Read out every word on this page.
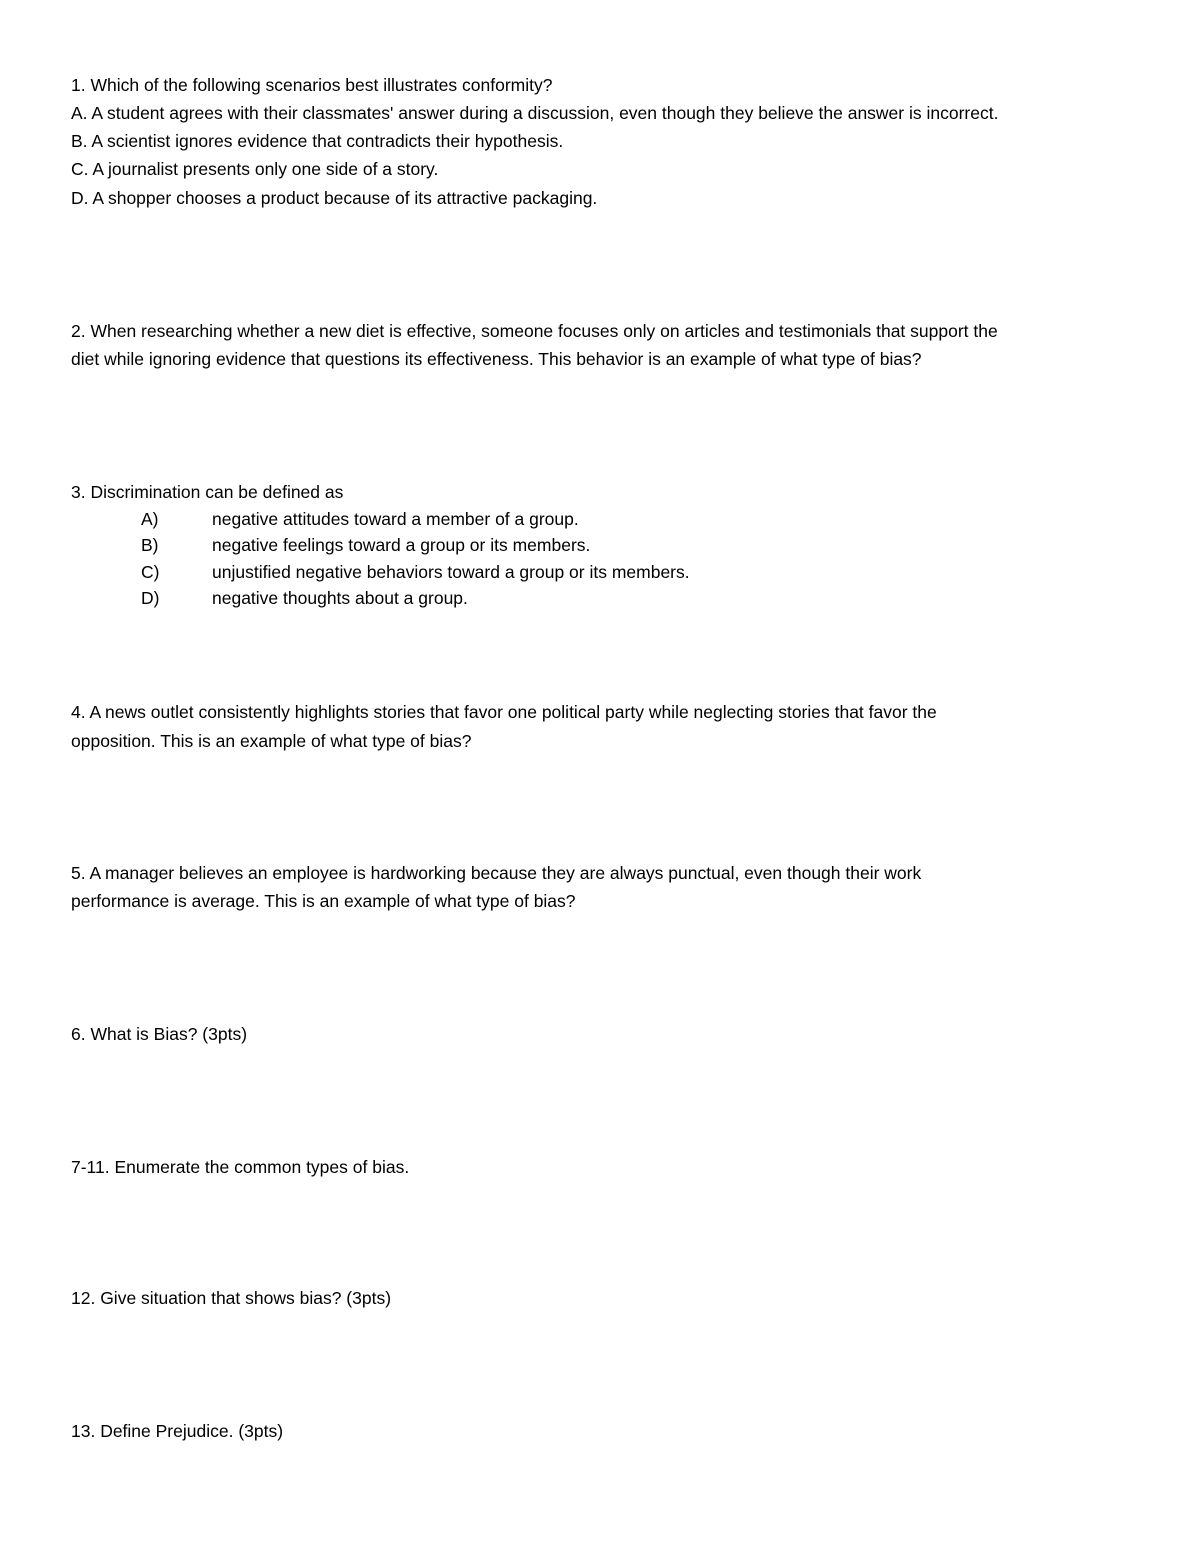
1. Which of the following scenarios best illustrates conformity?
A. A student agrees with their classmates' answer during a discussion, even though they believe the answer is incorrect.
B. A scientist ignores evidence that contradicts their hypothesis.
C. A journalist presents only one side of a story.
D. A shopper chooses a product because of its attractive packaging.
2. When researching whether a new diet is effective, someone focuses only on articles and testimonials that support the
diet while ignoring evidence that questions its effectiveness. This behavior is an example of what type of bias?
3. Discrimination can be defined as
A)	negative attitudes toward a member of a group.
B)	negative feelings toward a group or its members.
C)	unjustified negative behaviors toward a group or its members.
D)	negative thoughts about a group.
4. A news outlet consistently highlights stories that favor one political party while neglecting stories that favor the
opposition. This is an example of what type of bias?
5. A manager believes an employee is hardworking because they are always punctual, even though their work
performance is average. This is an example of what type of bias?
6. What is Bias? (3pts)
7-11. Enumerate the common types of bias.
12. Give situation that shows bias? (3pts)
13. Define Prejudice. (3pts)
